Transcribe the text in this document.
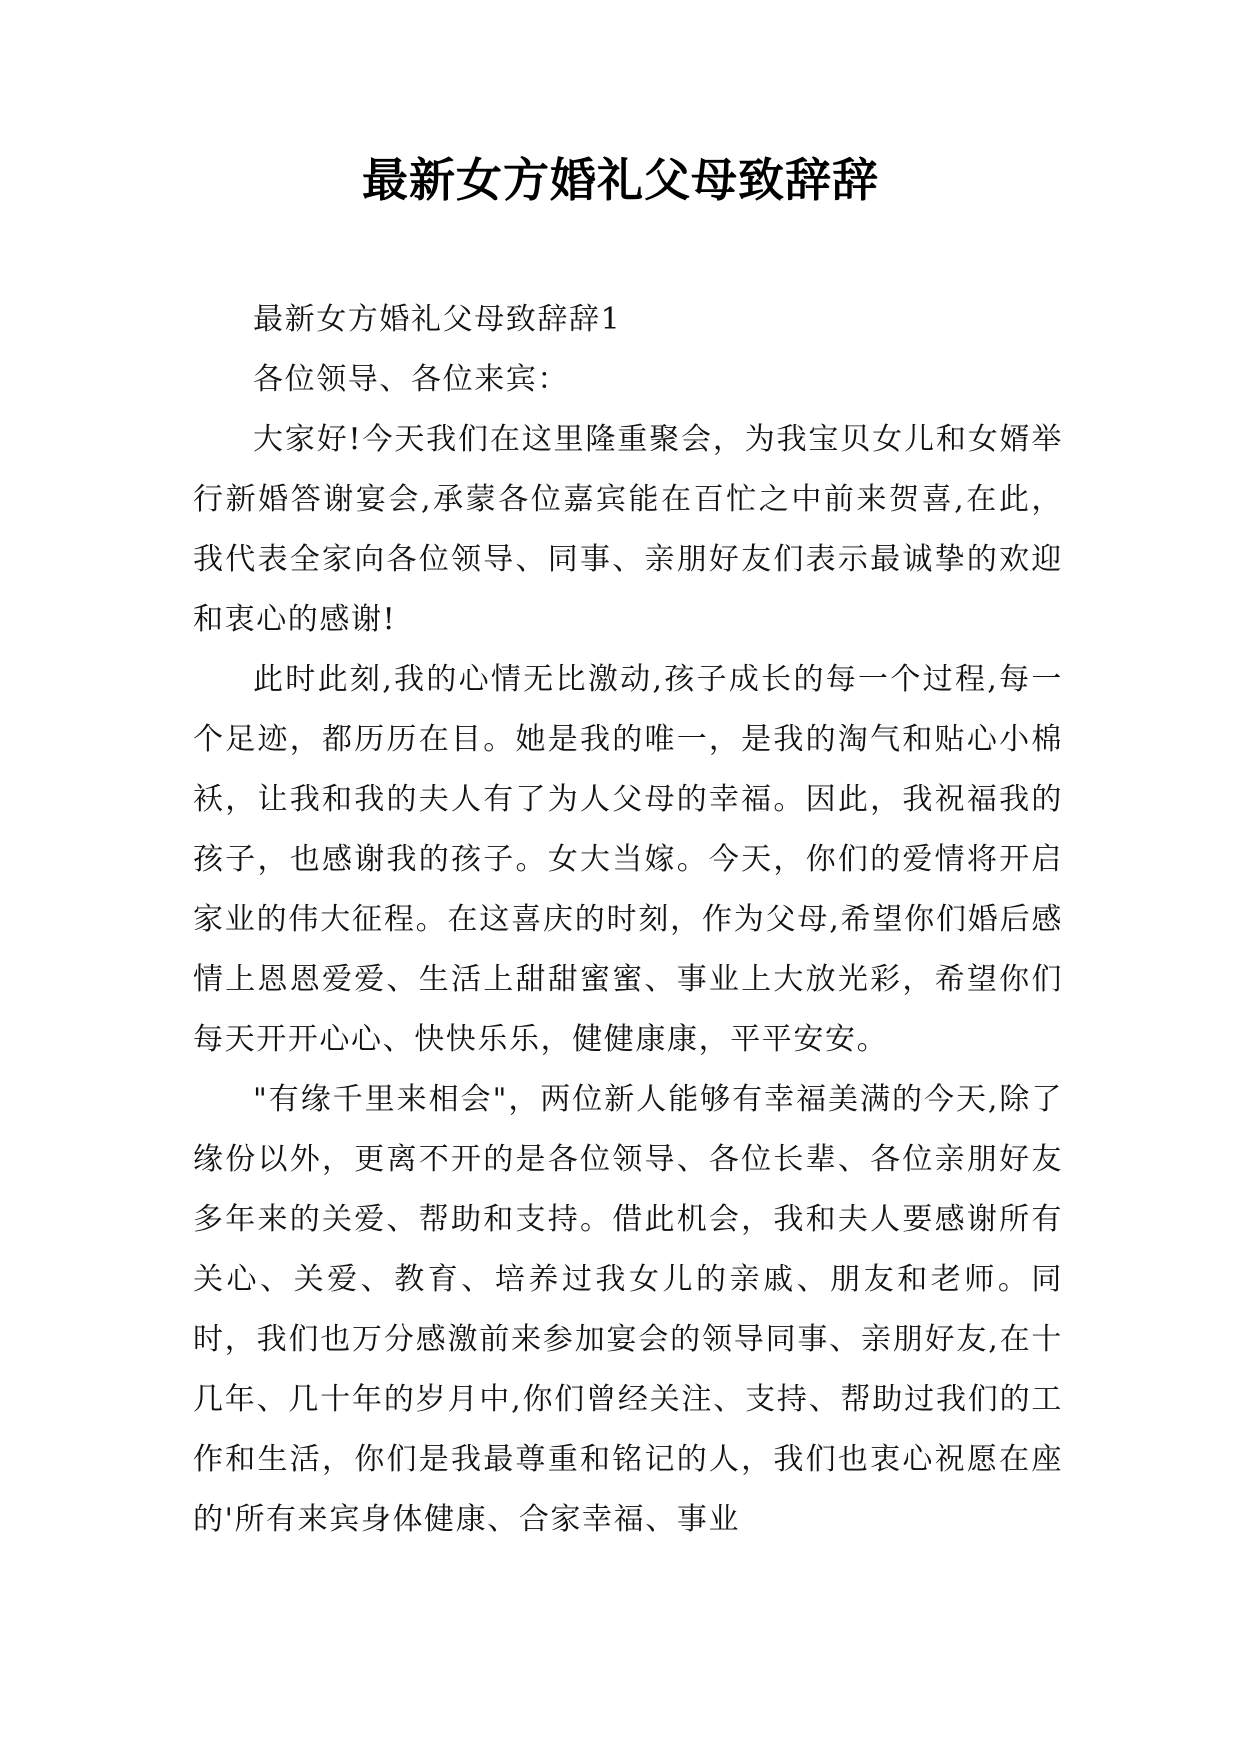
最新女方婚礼父母致辞辞

最新女方婚礼父母致辞辞1

各位领导、各位来宾：

大家好!今天我们在这里隆重聚会，为我宝贝女儿和女婿举行新婚答谢宴会,承蒙各位嘉宾能在百忙之中前来贺喜,在此，我代表全家向各位领导、同事、亲朋好友们表示最诚挚的欢迎和衷心的感谢!

此时此刻,我的心情无比激动,孩子成长的每一个过程,每一个足迹，都历历在目。她是我的唯一，是我的淘气和贴心小棉袄，让我和我的夫人有了为人父母的幸福。因此，我祝福我的孩子，也感谢我的孩子。女大当嫁。今天，你们的爱情将开启家业的伟大征程。在这喜庆的时刻，作为父母,希望你们婚后感情上恩恩爱爱、生活上甜甜蜜蜜、事业上大放光彩，希望你们每天开开心心、快快乐乐，健健康康，平平安安。

"有缘千里来相会"，两位新人能够有幸福美满的今天,除了缘份以外，更离不开的是各位领导、各位长辈、各位亲朋好友多年来的关爱、帮助和支持。借此机会，我和夫人要感谢所有关心、关爱、教育、培养过我女儿的亲戚、朋友和老师。同时，我们也万分感激前来参加宴会的领导同事、亲朋好友,在十几年、几十年的岁月中,你们曾经关注、支持、帮助过我们的工作和生活，你们是我最尊重和铭记的人，我们也衷心祝愿在座的'所有来宾身体健康、合家幸福、事业
